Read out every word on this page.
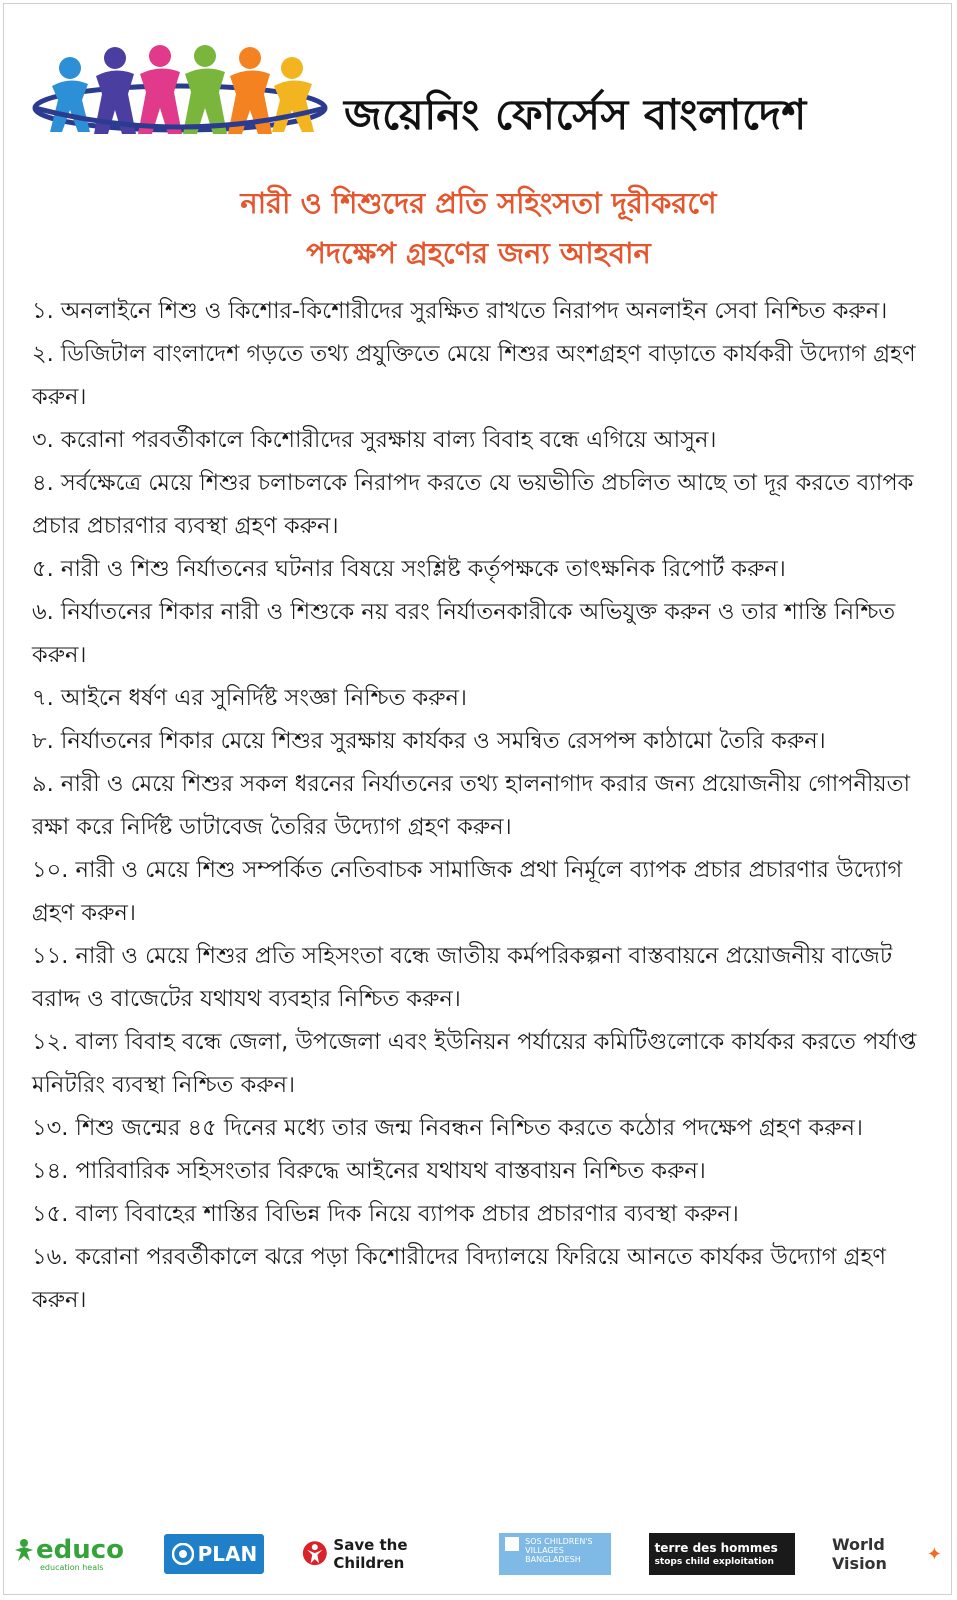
জয়েনিং ফোর্সেস বাংলাদেশ
নারী ও শিশুদের প্রতি সহিংসতা দূরীকরণে
পদক্ষেপ গ্রহণের জন্য আহবান
১. অনলাইনে শিশু ও কিশোর-কিশোরীদের সুরক্ষিত রাখতে নিরাপদ অনলাইন সেবা নিশ্চিত করুন।
২. ডিজিটাল বাংলাদেশ গড়তে তথ্য প্রযুক্তিতে মেয়ে শিশুর অংশগ্রহণ বাড়াতে কার্যকরী উদ্যোগ গ্রহণ করুন।
৩. করোনা পরবর্তীকালে কিশোরীদের সুরক্ষায় বাল্য বিবাহ বন্ধে এগিয়ে আসুন।
৪. সর্বক্ষেত্রে মেয়ে শিশুর চলাচলকে নিরাপদ করতে যে ভয়ভীতি প্রচলিত আছে তা দূর করতে ব্যাপক প্রচার প্রচারণার ব্যবস্থা গ্রহণ করুন।
৫. নারী ও শিশু নির্যাতনের ঘটনার বিষয়ে সংশ্লিষ্ট কর্তৃপক্ষকে তাৎক্ষনিক রিপোর্ট করুন।
৬. নির্যাতনের শিকার নারী ও শিশুকে নয় বরং নির্যাতনকারীকে অভিযুক্ত করুন ও তার শাস্তি নিশ্চিত করুন।
৭. আইনে ধর্ষণ এর সুনির্দিষ্ট সংজ্ঞা নিশ্চিত করুন।
৮. নির্যাতনের শিকার মেয়ে শিশুর সুরক্ষায় কার্যকর ও সমন্বিত রেসপন্স কাঠামো তৈরি করুন।
৯. নারী ও মেয়ে শিশুর সকল ধরনের নির্যাতনের তথ্য হালনাগাদ করার জন্য প্রয়োজনীয় গোপনীয়তা রক্ষা করে নির্দিষ্ট ডাটাবেজ তৈরির উদ্যোগ গ্রহণ করুন।
১০. নারী ও মেয়ে শিশু সম্পর্কিত নেতিবাচক সামাজিক প্রথা নির্মূলে ব্যাপক প্রচার প্রচারণার উদ্যোগ গ্রহণ করুন।
১১. নারী ও মেয়ে শিশুর প্রতি সহিসংতা বন্ধে জাতীয় কর্মপরিকল্পনা বাস্তবায়নে প্রয়োজনীয় বাজেট বরাদ্দ ও বাজেটের যথাযথ ব্যবহার নিশ্চিত করুন।
১২. বাল্য বিবাহ বন্ধে জেলা, উপজেলা এবং ইউনিয়ন পর্যায়ের কমিটিগুলোকে কার্যকর করতে পর্যাপ্ত মনিটরিং ব্যবস্থা নিশ্চিত করুন।
১৩. শিশু জন্মের ৪৫ দিনের মধ্যে তার জন্ম নিবন্ধন নিশ্চিত করতে কঠোর পদক্ষেপ গ্রহণ করুন।
১৪. পারিবারিক সহিসংতার বিরুদ্ধে আইনের যথাযথ বাস্তবায়ন নিশ্চিত করুন।
১৫. বাল্য বিবাহের শাস্তির বিভিন্ন দিক নিয়ে ব্যাপক প্রচার প্রচারণার ব্যবস্থা করুন।
১৬. করোনা পরবর্তীকালে ঝরে পড়া কিশোরীদের বিদ্যালয়ে ফিরিয়ে আনতে কার্যকর উদ্যোগ গ্রহণ করুন।
educo
education heals
PLAN	Save the Children
SOS CHILDREN'S VILLAGES BANGLADESH
terre des hommes
stops child exploitation
World Vision	✦
